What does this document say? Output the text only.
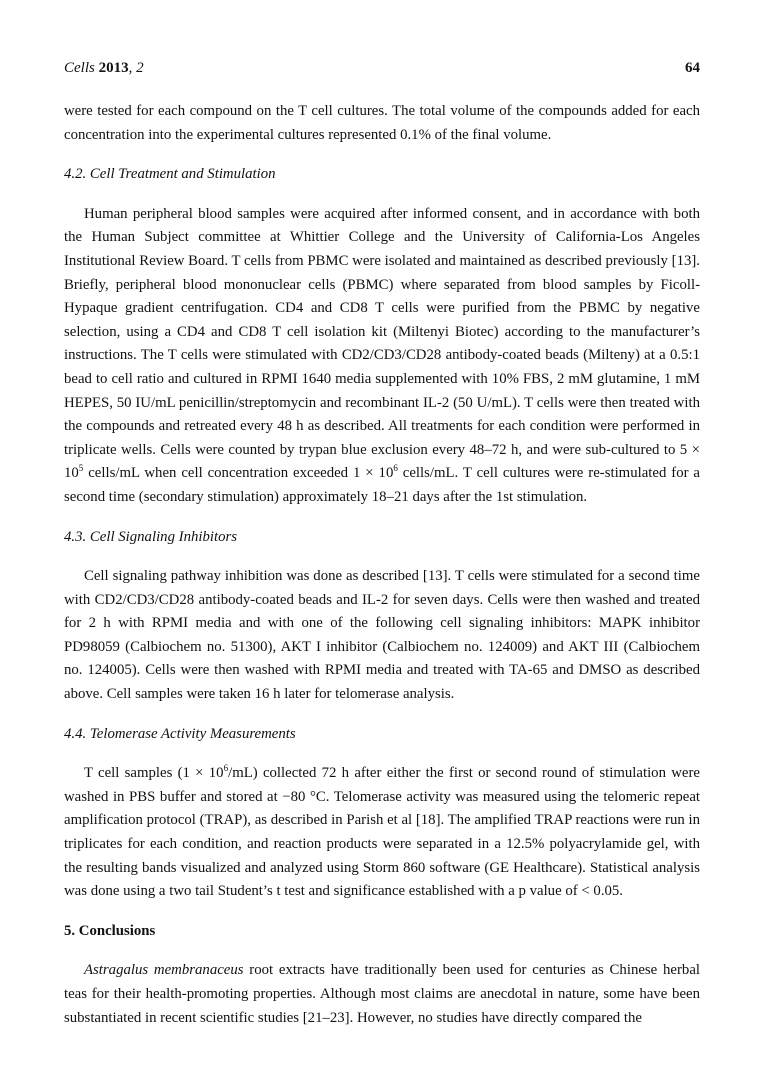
Cells 2013, 2	64

were tested for each compound on the T cell cultures. The total volume of the compounds added for each concentration into the experimental cultures represented 0.1% of the final volume.

4.2. Cell Treatment and Stimulation

Human peripheral blood samples were acquired after informed consent, and in accordance with both the Human Subject committee at Whittier College and the University of California-Los Angeles Institutional Review Board. T cells from PBMC were isolated and maintained as described previously [13]. Briefly, peripheral blood mononuclear cells (PBMC) where separated from blood samples by Ficoll-Hypaque gradient centrifugation. CD4 and CD8 T cells were purified from the PBMC by negative selection, using a CD4 and CD8 T cell isolation kit (Miltenyi Biotec) according to the manufacturer’s instructions. The T cells were stimulated with CD2/CD3/CD28 antibody-coated beads (Milteny) at a 0.5:1 bead to cell ratio and cultured in RPMI 1640 media supplemented with 10% FBS, 2 mM glutamine, 1 mM HEPES, 50 IU/mL penicillin/streptomycin and recombinant IL-2 (50 U/mL). T cells were then treated with the compounds and retreated every 48 h as described. All treatments for each condition were performed in triplicate wells. Cells were counted by trypan blue exclusion every 48–72 h, and were sub-cultured to $5 \times 10^5$ cells/mL when cell concentration exceeded $1 \times 10^6$ cells/mL. T cell cultures were re-stimulated for a second time (secondary stimulation) approximately 18–21 days after the 1st stimulation.

4.3. Cell Signaling Inhibitors

Cell signaling pathway inhibition was done as described [13]. T cells were stimulated for a second time with CD2/CD3/CD28 antibody-coated beads and IL-2 for seven days. Cells were then washed and treated for 2 h with RPMI media and with one of the following cell signaling inhibitors: MAPK inhibitor PD98059 (Calbiochem no. 51300), AKT I inhibitor (Calbiochem no. 124009) and AKT III (Calbiochem no. 124005). Cells were then washed with RPMI media and treated with TA-65 and DMSO as described above. Cell samples were taken 16 h later for telomerase analysis.

4.4. Telomerase Activity Measurements

T cell samples $(1 \times 10^6/mL)$ collected 72 h after either the first or second round of stimulation were washed in PBS buffer and stored at −80 °C. Telomerase activity was measured using the telomeric repeat amplification protocol (TRAP), as described in Parish et al [18]. The amplified TRAP reactions were run in triplicates for each condition, and reaction products were separated in a 12.5% polyacrylamide gel, with the resulting bands visualized and analyzed using Storm 860 software (GE Healthcare). Statistical analysis was done using a two tail Student’s t test and significance established with a p value of < 0.05.

5. Conclusions

Astragalus membranaceus root extracts have traditionally been used for centuries as Chinese herbal teas for their health-promoting properties. Although most claims are anecdotal in nature, some have been substantiated in recent scientific studies [21–23]. However, no studies have directly compared the
